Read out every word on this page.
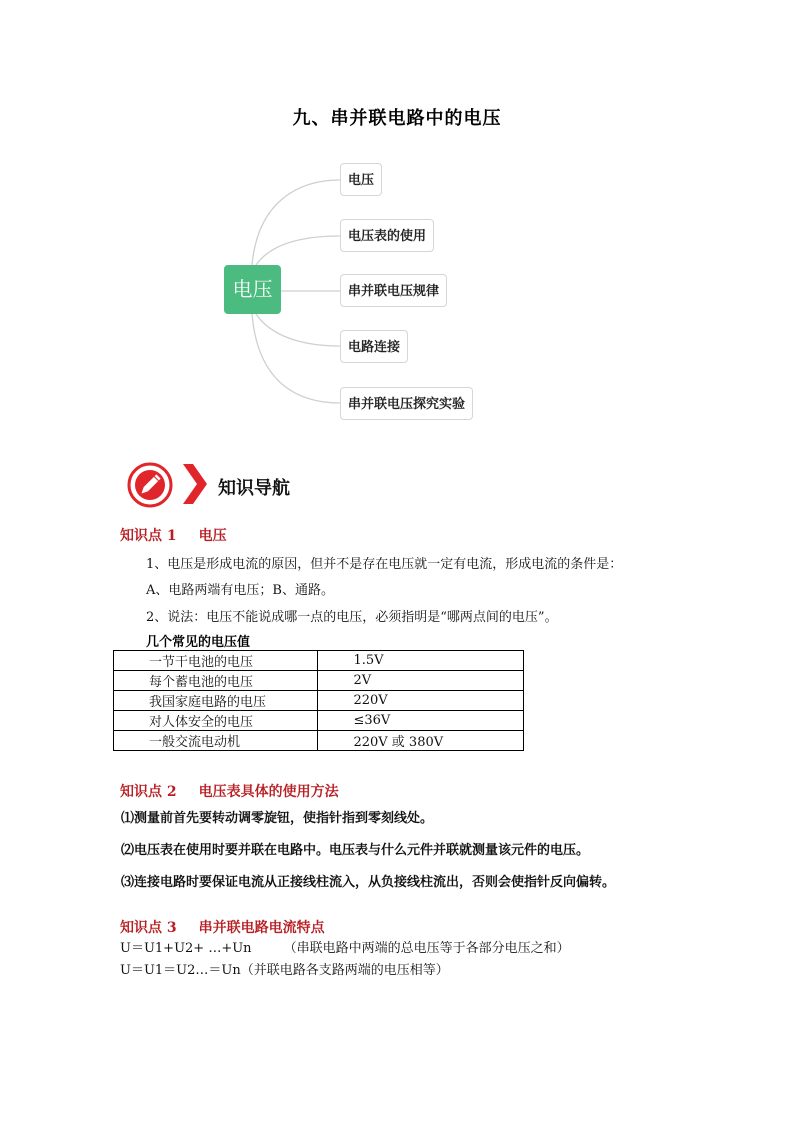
九、串并联电路中的电压
电压
电压
电压表的使用
串并联电压规律
电路连接
串并联电压探究实验
知识导航
知识点 1 电压
1、电压是形成电流的原因，但并不是存在电压就一定有电流，形成电流的条件是：
A、电路两端有电压；B、通路。
2、说法：电压不能说成哪一点的电压，必须指明是“哪两点间的电压”。
几个常见的电压值
一节干电池的电压	1.5V
每个蓄电池的电压	2V
我国家庭电路的电压	220V
对人体安全的电压	≤36V
一般交流电动机	220V 或 380V
知识点 2 电压表具体的使用方法
⑴测量前首先要转动调零旋钮，使指针指到零刻线处。
⑵电压表在使用时要并联在电路中。电压表与什么元件并联就测量该元件的电压。
⑶连接电路时要保证电流从正接线柱流入，从负接线柱流出，否则会使指针反向偏转。
知识点 3 串并联电路电流特点
U＝U1+U2+ …+Un （串联电路中两端的总电压等于各部分电压之和）
U＝U1＝U2…＝Un（并联电路各支路两端的电压相等）
